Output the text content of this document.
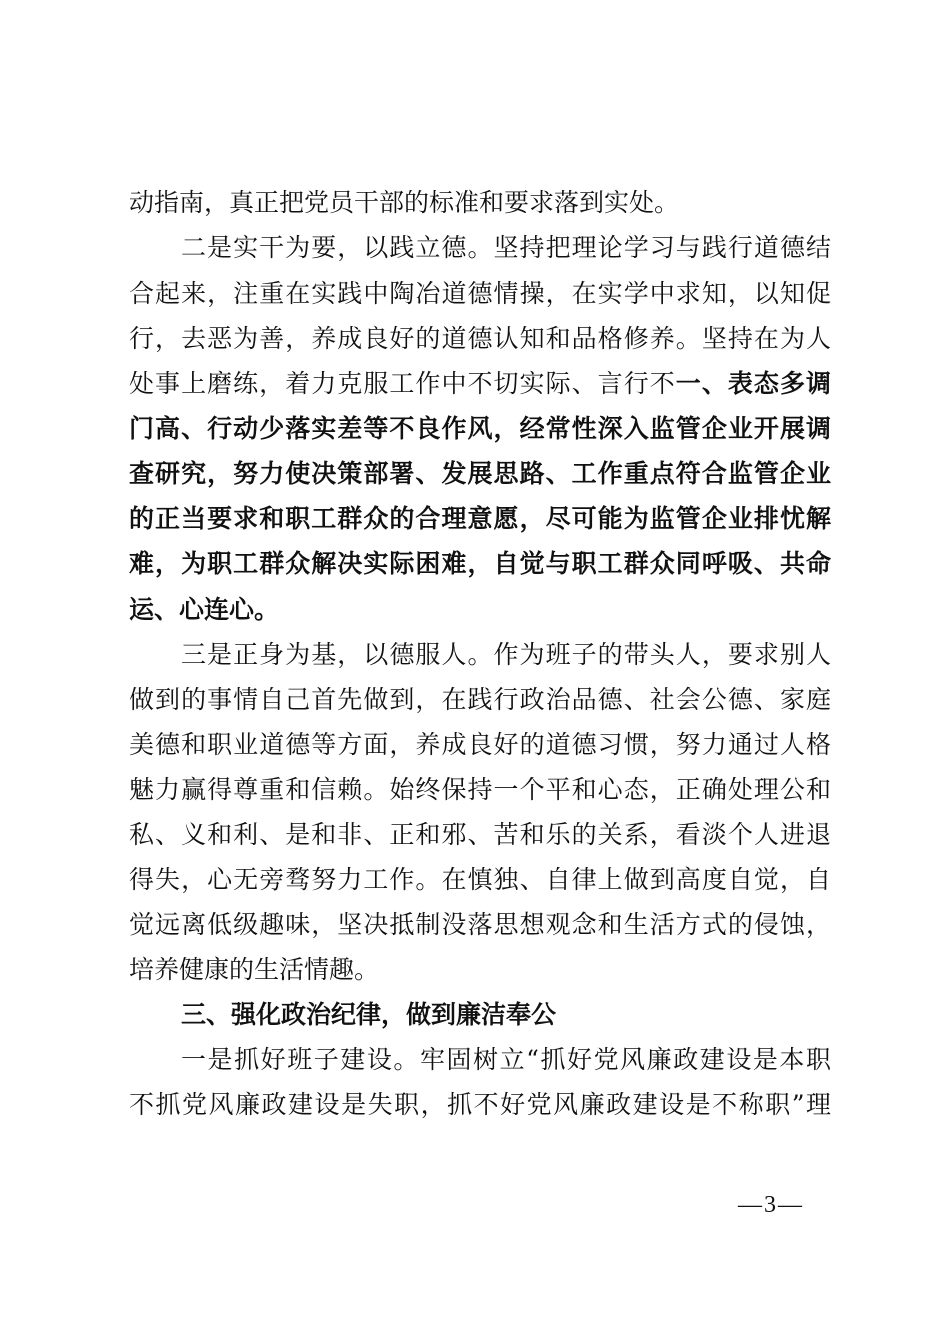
动指南，真正把党员干部的标准和要求落到实处。
二是实干为要，以践立德。坚持把理论学习与践行道德结
合起来，注重在实践中陶冶道德情操，在实学中求知，以知促
行，去恶为善，养成良好的道德认知和品格修养。坚持在为人
处事上磨练，着力克服工作中不切实际、言行不一、表态多调
门高、行动少落实差等不良作风，经常性深入监管企业开展调
查研究，努力使决策部署、发展思路、工作重点符合监管企业
的正当要求和职工群众的合理意愿，尽可能为监管企业排忧解
难，为职工群众解决实际困难，自觉与职工群众同呼吸、共命
运、心连心。
三是正身为基，以德服人。作为班子的带头人，要求别人
做到的事情自己首先做到，在践行政治品德、社会公德、家庭
美德和职业道德等方面，养成良好的道德习惯，努力通过人格
魅力赢得尊重和信赖。始终保持一个平和心态，正确处理公和
私、义和利、是和非、正和邪、苦和乐的关系，看淡个人进退
得失，心无旁骛努力工作。在慎独、自律上做到高度自觉，自
觉远离低级趣味，坚决抵制没落思想观念和生活方式的侵蚀，
培养健康的生活情趣。
三、强化政治纪律，做到廉洁奉公
一是抓好班子建设。牢固树立“抓好党风廉政建设是本职
不抓党风廉政建设是失职，抓不好党风廉政建设是不称职”理
—3—
